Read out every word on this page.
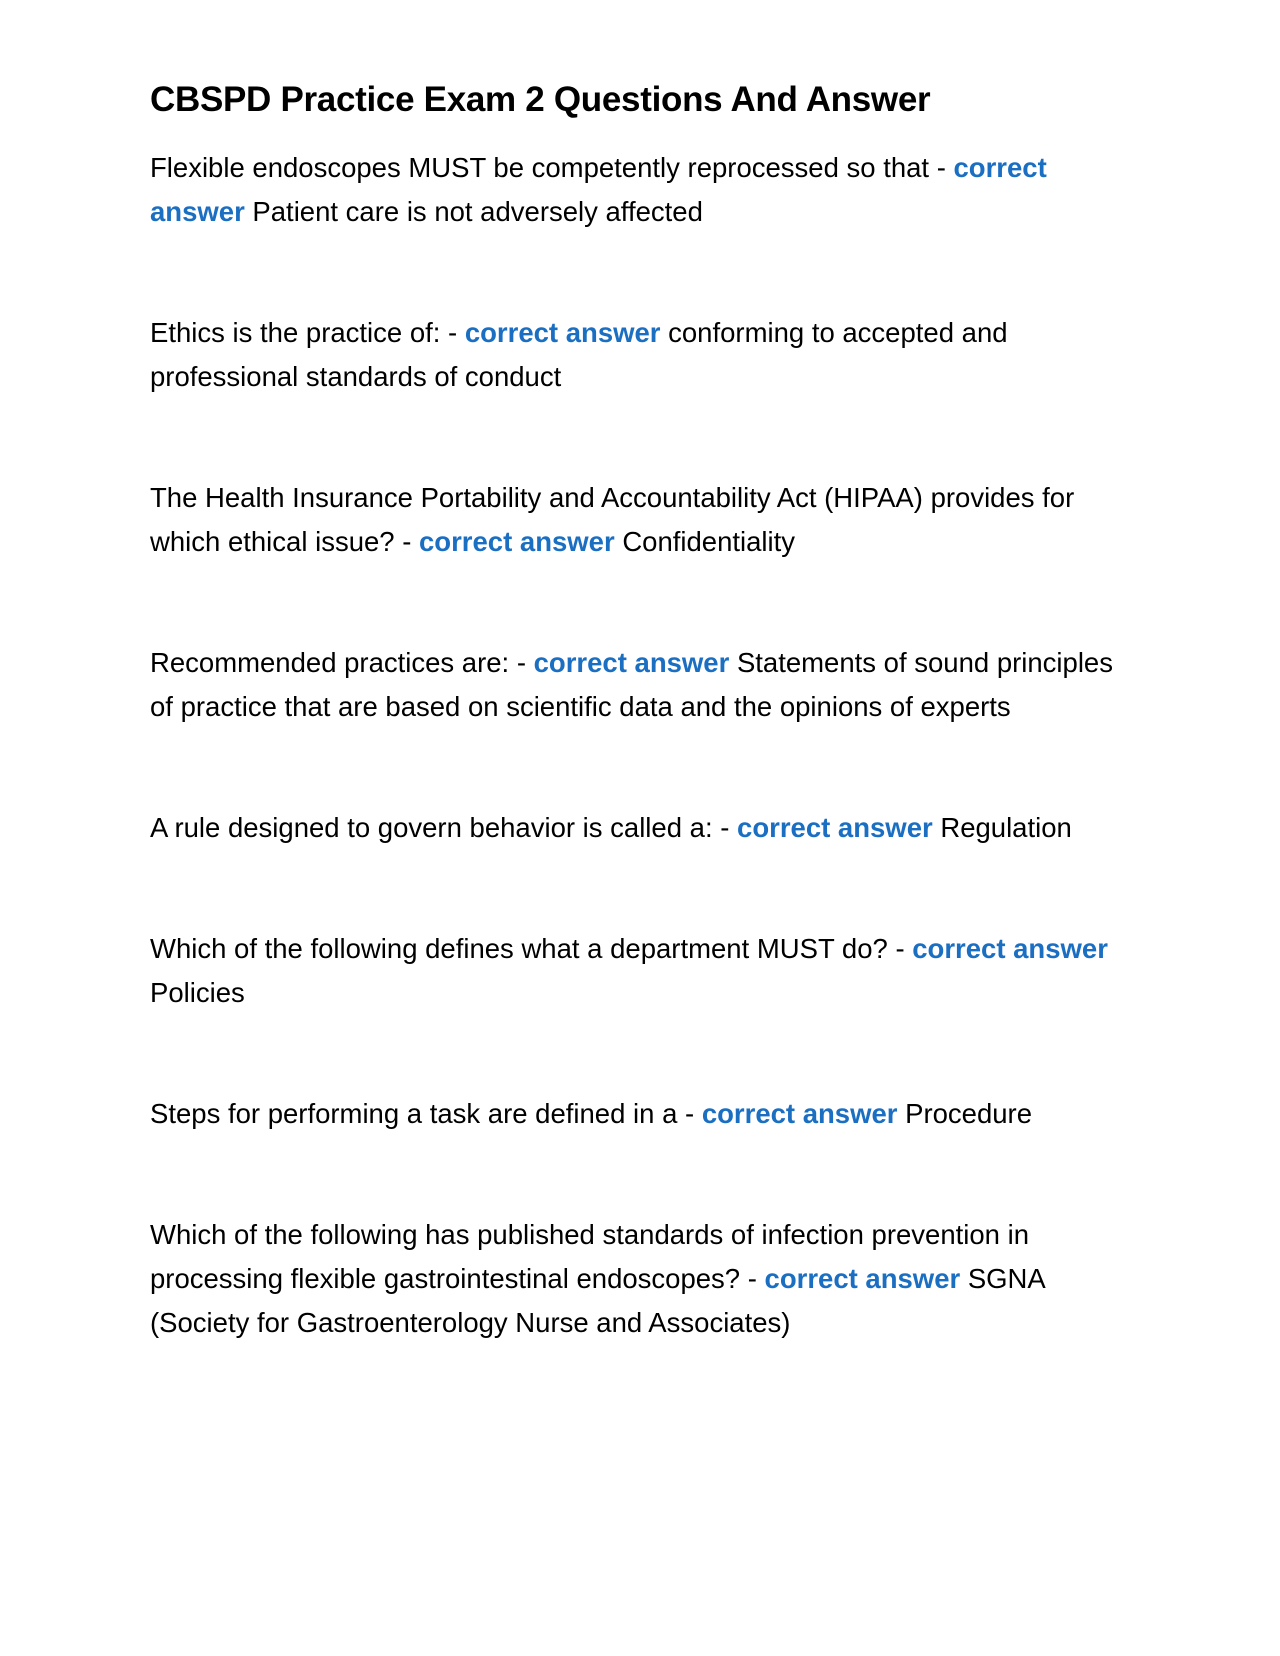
CBSPD Practice Exam 2 Questions And Answer

Flexible endoscopes MUST be competently reprocessed so that - correct answer Patient care is not adversely affected

Ethics is the practice of: - correct answer conforming to accepted and professional standards of conduct

The Health Insurance Portability and Accountability Act (HIPAA) provides for which ethical issue? - correct answer Confidentiality

Recommended practices are: - correct answer Statements of sound principles of practice that are based on scientific data and the opinions of experts

A rule designed to govern behavior is called a: - correct answer Regulation

Which of the following defines what a department MUST do? - correct answer Policies

Steps for performing a task are defined in a - correct answer Procedure

Which of the following has published standards of infection prevention in processing flexible gastrointestinal endoscopes? - correct answer SGNA (Society for Gastroenterology Nurse and Associates)
